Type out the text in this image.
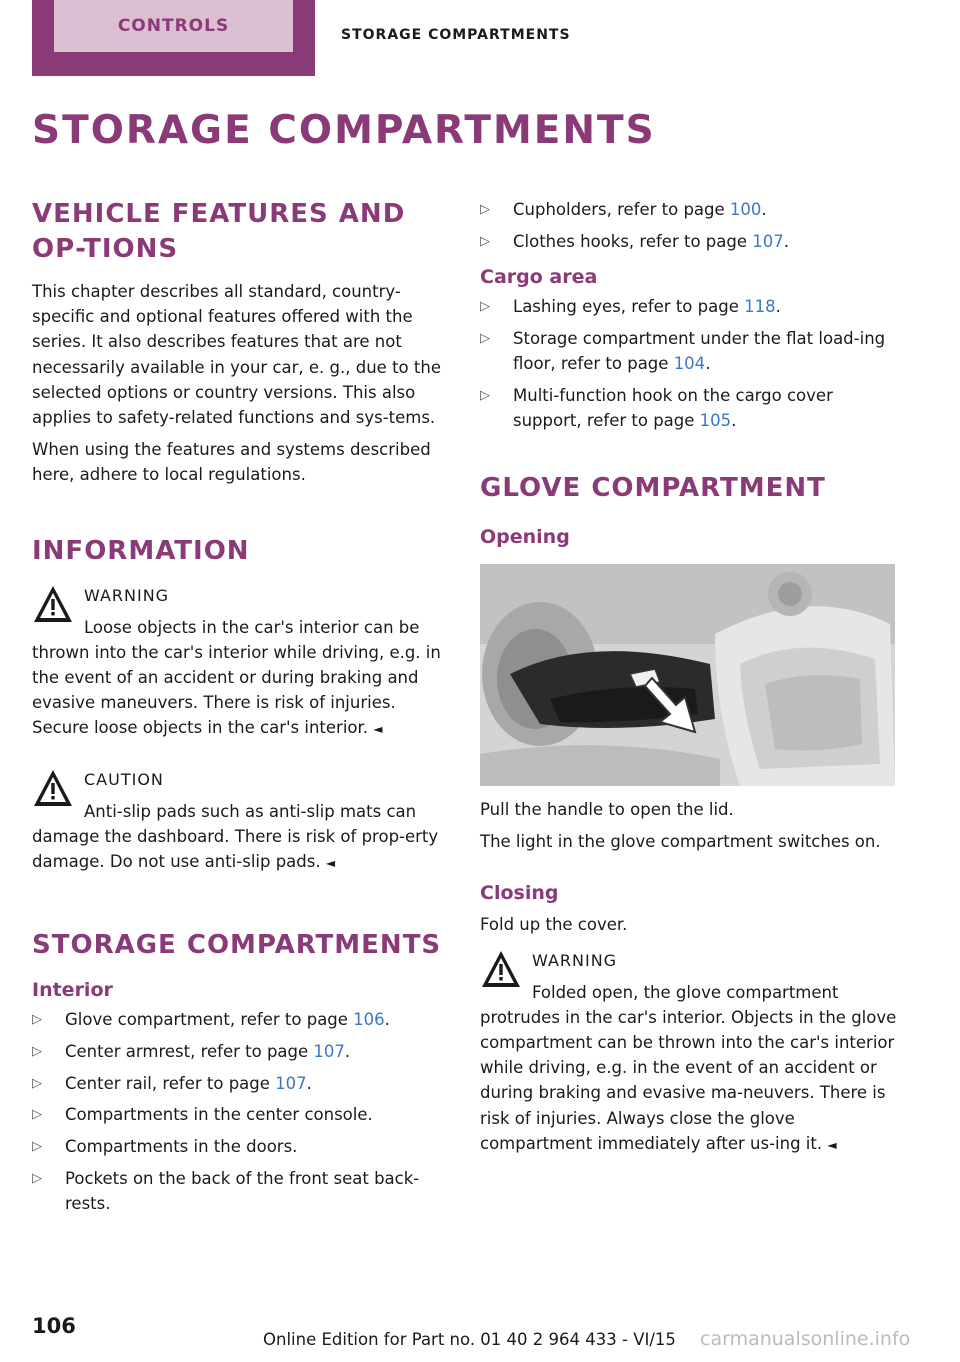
CONTROLS	STORAGE COMPARTMENTS
STORAGE COMPARTMENTS
VEHICLE FEATURES AND OP‐TIONS

This chapter describes all standard, country-specific and optional features offered with the series. It also describes features that are not necessarily available in your car, e. g., due to the selected options or country versions. This also applies to safety-related functions and sys‐tems.

When using the features and systems described here, adhere to local regulations.

INFORMATION
WARNING
Loose objects in the car's interior can be thrown into the car's interior while driving, e.g. in the event of an accident or during braking and evasive maneuvers. There is risk of injuries. Secure loose objects in the car's interior. ◄
CAUTION
Anti-slip pads such as anti-slip mats can damage the dashboard. There is risk of prop‐erty damage. Do not use anti-slip pads. ◄
STORAGE COMPARTMENTS
Interior
▷ Glove compartment, refer to page 106.
▷ Center armrest, refer to page 107.
▷ Center rail, refer to page 107.
▷ Compartments in the center console.
▷ Compartments in the doors.
▷ Pockets on the back of the front seat back‐rests.
▷ Cupholders, refer to page 100.
▷ Clothes hooks, refer to page 107.
Cargo area
▷ Lashing eyes, refer to page 118.
▷ Storage compartment under the flat load‐ing floor, refer to page 104.
▷ Multi-function hook on the cargo cover support, refer to page 105.
GLOVE COMPARTMENT
Opening

Pull the handle to open the lid.

The light in the glove compartment switches on.

Closing

Fold up the cover.

WARNING
Folded open, the glove compartment protrudes in the car's interior. Objects in the glove compartment can be thrown into the car's interior while driving, e.g. in the event of an accident or during braking and evasive ma‐neuvers. There is risk of injuries. Always close the glove compartment immediately after us‐ing it. ◄
106
Online Edition for Part no. 01 40 2 964 433 - VI/15 carmanualsonline.info
